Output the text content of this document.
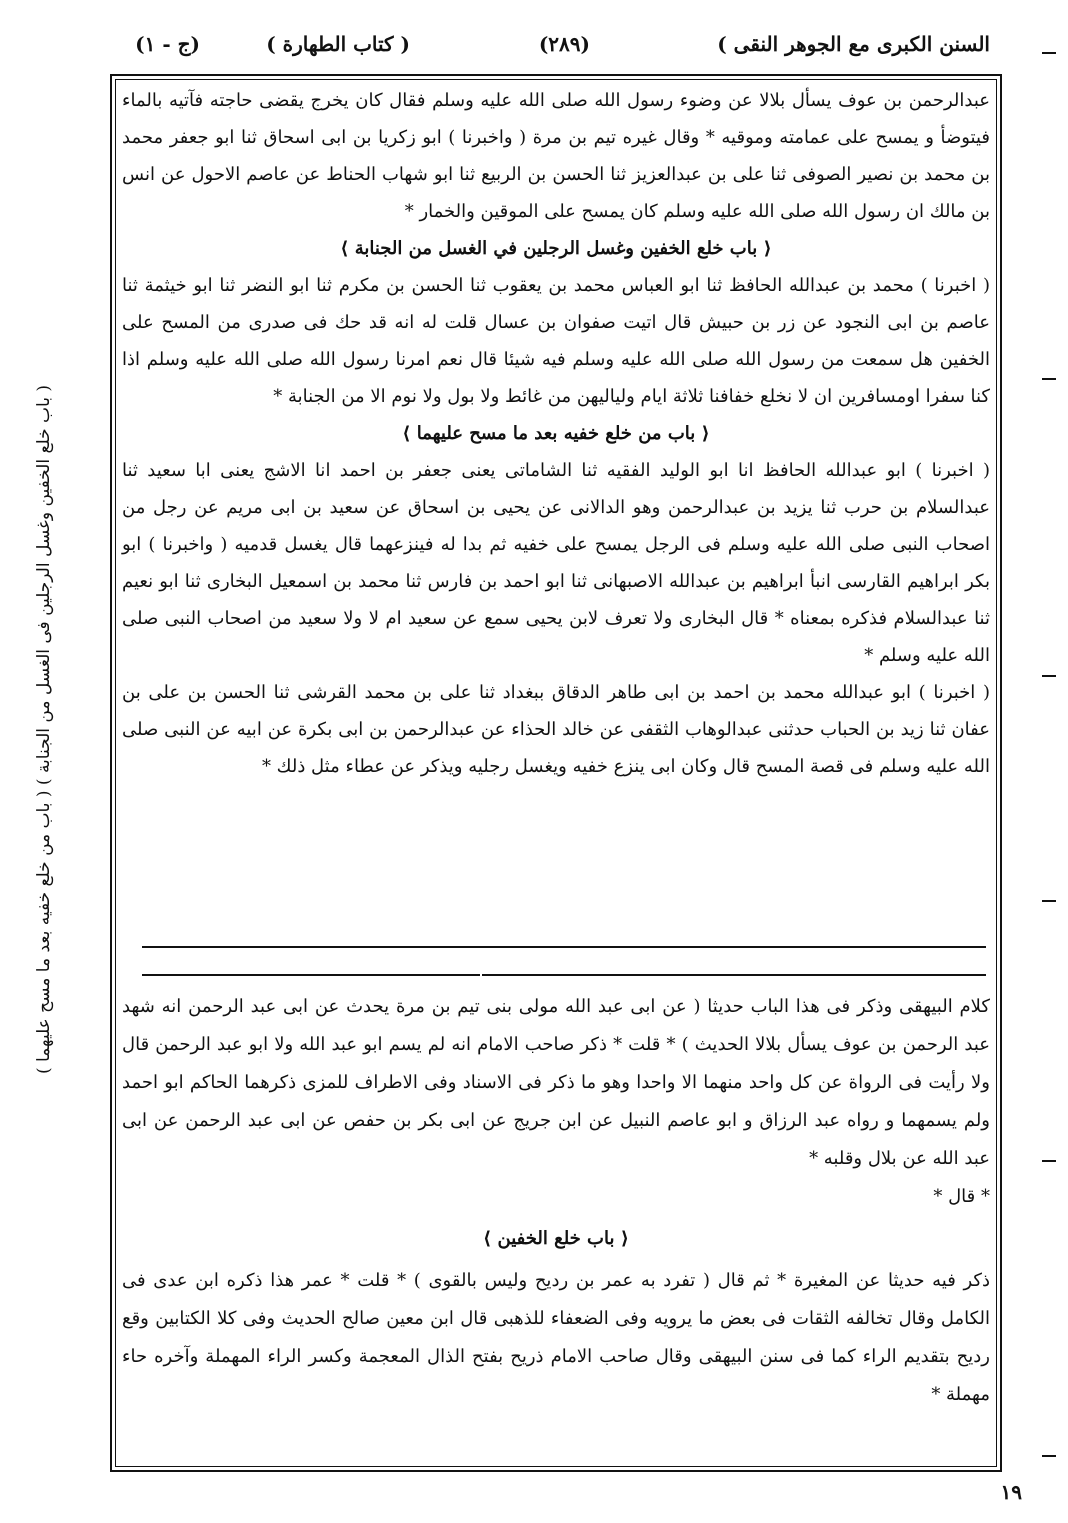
السنن الكبرى مع الجوهر النقى )
(٢٨٩)
( كتاب الطهارة )
(ج - ١)
( باب خلع الخفين وغسل الرجلين فى الغسل من الجنابة ) ( باب من خلع خفيه بعد ما مسح عليهما )

عبدالرحمن بن عوف يسأل بلالا عن وضوء رسول الله صلى الله عليه وسلم فقال كان يخرج يقضى حاجته فآتيه بالماء فيتوضأ و يمسح على عمامته وموقيه * وقال غيره تيم بن مرة ( واخبرنا ) ابو زكريا بن ابى اسحاق ثنا ابو جعفر محمد بن محمد بن نصير الصوفى ثنا على بن عبدالعزيز ثنا الحسن بن الربيع ثنا ابو شهاب الحناط عن عاصم الاحول عن انس بن مالك ان رسول الله صلى الله عليه وسلم كان يمسح على الموقين والخمار *

⟨ باب خلع الخفين وغسل الرجلين في الغسل من الجنابة ⟩

( اخبرنا ) محمد بن عبدالله الحافظ ثنا ابو العباس محمد بن يعقوب ثنا الحسن بن مكرم ثنا ابو النضر ثنا ابو خيثمة ثنا عاصم بن ابى النجود عن زر بن حبيش قال اتيت صفوان بن عسال قلت له انه قد حك فى صدرى من المسح على الخفين هل سمعت من رسول الله صلى الله عليه وسلم فيه شيئا قال نعم امرنا رسول الله صلى الله عليه وسلم اذا كنا سفرا اومسافرين ان لا نخلع خفافنا ثلاثة ايام ولياليهن من غائط ولا بول ولا نوم الا من الجنابة *

⟨ باب من خلع خفيه بعد ما مسح عليهما ⟩

( اخبرنا ) ابو عبدالله الحافظ انا ابو الوليد الفقيه ثنا الشاماتى يعنى جعفر بن احمد انا الاشج يعنى ابا سعيد ثنا عبدالسلام بن حرب ثنا يزيد بن عبدالرحمن وهو الدالانى عن يحيى بن اسحاق عن سعيد بن ابى مريم عن رجل من اصحاب النبى صلى الله عليه وسلم فى الرجل يمسح على خفيه ثم بدا له فينزعهما قال يغسل قدميه ( واخبرنا ) ابو بكر ابراهيم القارسى انبأ ابراهيم بن عبدالله الاصبهانى ثنا ابو احمد بن فارس ثنا محمد بن اسمعيل البخارى ثنا ابو نعيم ثنا عبدالسلام فذكره بمعناه * قال البخارى ولا تعرف لابن يحيى سمع عن سعيد ام لا ولا سعيد من اصحاب النبى صلى الله عليه وسلم *

( اخبرنا ) ابو عبدالله محمد بن احمد بن ابى طاهر الدقاق ببغداد ثنا على بن محمد القرشى ثنا الحسن بن على بن عفان ثنا زيد بن الحباب حدثنى عبدالوهاب الثقفى عن خالد الحذاء عن عبدالرحمن بن ابى بكرة عن ابيه عن النبى صلى الله عليه وسلم فى قصة المسح قال وكان ابى ينزع خفيه ويغسل رجليه ويذكر عن عطاء مثل ذلك *

كلام البيهقى وذكر فى هذا الباب حديثا ( عن ابى عبد الله مولى بنى تيم بن مرة يحدث عن ابى عبد الرحمن انه شهد عبد الرحمن بن عوف يسأل بلالا الحديث ) * قلت * ذكر صاحب الامام انه لم يسم ابو عبد الله ولا ابو عبد الرحمن قال ولا رأيت فى الرواة عن كل واحد منهما الا واحدا وهو ما ذكر فى الاسناد وفى الاطراف للمزى ذكرهما الحاكم ابو احمد ولم يسمهما و رواه عبد الرزاق و ابو عاصم النبيل عن ابن جريج عن ابى بكر بن حفص عن ابى عبد الرحمن عن ابى عبد الله عن بلال وقلبه *

* قال *

⟨ باب خلع الخفين ⟩

ذكر فيه حديثا عن المغيرة * ثم قال ( تفرد به عمر بن رديح وليس بالقوى ) * قلت * عمر هذا ذكره ابن عدى فى الكامل وقال تخالفه الثقات فى بعض ما يرويه وفى الضعفاء للذهبى قال ابن معين صالح الحديث وفى كلا الكتابين وقع رديح بتقديم الراء كما فى سنن البيهقى وقال صاحب الامام ذريح بفتح الذال المعجمة وكسر الراء المهملة وآخره حاء مهملة *

١٩
